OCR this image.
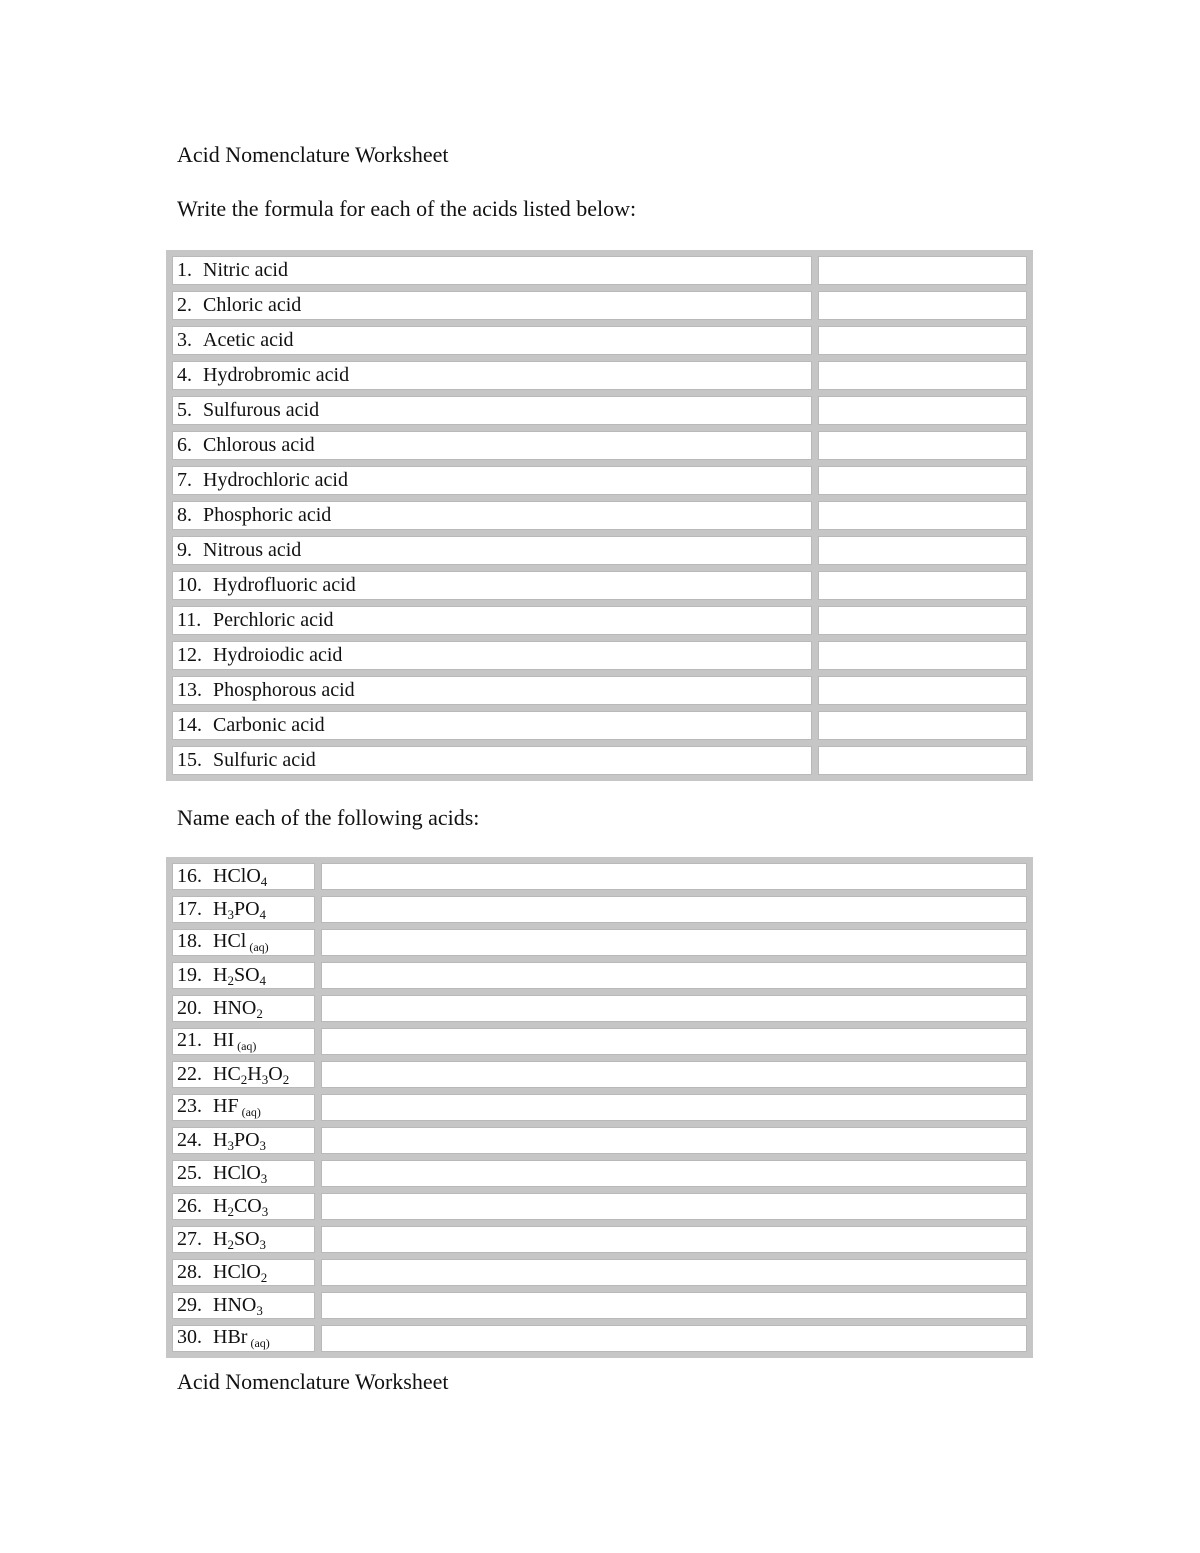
Acid Nomenclature Worksheet
Write the formula for each of the acids listed below:
1. Nitric acid	
2. Chloric acid	
3. Acetic acid	
4. Hydrobromic acid	
5. Sulfurous acid	
6. Chlorous acid	
7. Hydrochloric acid	
8. Phosphoric acid	
9. Nitrous acid	
10. Hydrofluoric acid	
11. Perchloric acid	
12. Hydroiodic acid	
13. Phosphorous acid	
14. Carbonic acid	
15. Sulfuric acid	
Name each of the following acids:
16. HClO$_4$	
17. $H_3PO_4$	
18. HCl $_{(aq)}$	
19. $H_2SO_4$	
20. $HNO_2$	
21. HI $_{(aq)}$	
22. $HC_2H_3O_2$	
23. HF $_{(aq)}$	
24. $H_3PO_3$	
25. HClO$_3$	
26. $H_2CO_3$	
27. $H_2SO_3$	
28. HClO$_2$	
29. $HNO_3$	
30. HBr $_{(aq)}$	
Acid Nomenclature Worksheet
